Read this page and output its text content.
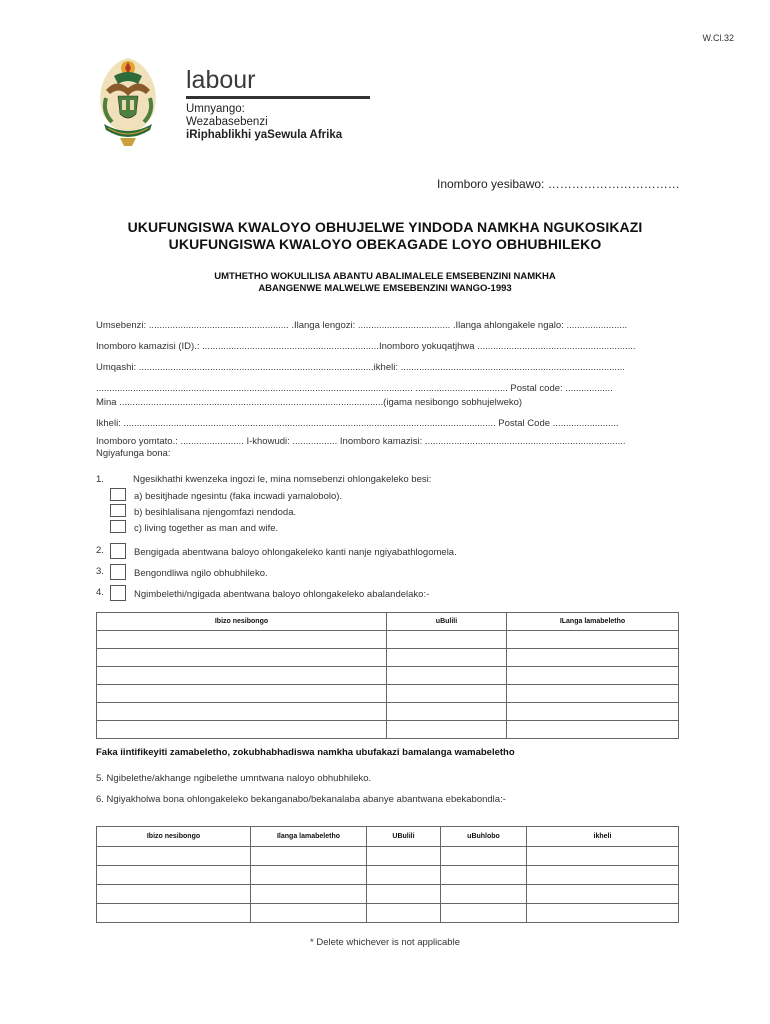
W.Cl.32
labour
Umnyango:
Wezabasebenzi
iRiphablikhi yaSewula Afrika
Inomboro yesibawo: ……………………………
UKUFUNGISWA KWALOYO OBHUJELWE YINDODA NAMKHA NGUKOSIKAZI
UKUFUNGISWA KWALOYO OBEKAGADE LOYO OBHUBHILEKO
UMTHETHO WOKULILISA ABANTU ABALIMALELE EMSEBENZINI NAMKHA
ABANGENWE MALWELWE EMSEBENZINI WANGO-1993
Umsebenzi: ..................................................... .Ilanga lengozi: ................................... .Ilanga ahlongakele ngalo: .......................
Inomboro kamazisi (ID).: ...................................................................Inomboro yokuqatjhwa ............................................................
Umqashi: .........................................................................................ikheli: .....................................................................................
........................................................................................................................ ................................... Postal code: ..................
Mina ....................................................................................................(igama nesibongo sobhujelweko)
Ikheli: ............................................................................................................................................. Postal Code .........................
Inomboro yomtato.: ........................ I-khowudi: ................. Inomboro kamazisi: ............................................................................
Ngiyafunga bona:
1.	Ngesikhathi kwenzeka ingozi le, mina nomsebenzi ohlongakeleko besi:
a) besitjhade ngesintu (faka incwadi yamalobolo).
b) besihlalisana njengomfazi nendoda.
c) living together as man and wife.
2.	Bengigada abentwana baloyo ohlongakeleko kanti nanje ngiyabathlogomela.
3.	Bengondliwa ngilo obhubhileko.
4.	Ngimbelethi/ngigada abentwana baloyo ohlongakeleko abalandelako:-
Ibizo nesibongo	uBulili	ILanga lamabeletho

Faka iintifikeyiti zamabeletho, zokubhabhadiswa namkha ubufakazi bamalanga wamabeletho
5. Ngibelethe/akhange ngibelethe umntwana naloyo obhubhileko.
6. Ngiyakholwa bona ohlongakeleko bekanganabo/bekanalaba abanye abantwana ebekabondla:-
Ibizo nesibongo	Ilanga lamabeletho	UBulili	uBuhlobo	ikheli

* Delete whichever is not applicable
